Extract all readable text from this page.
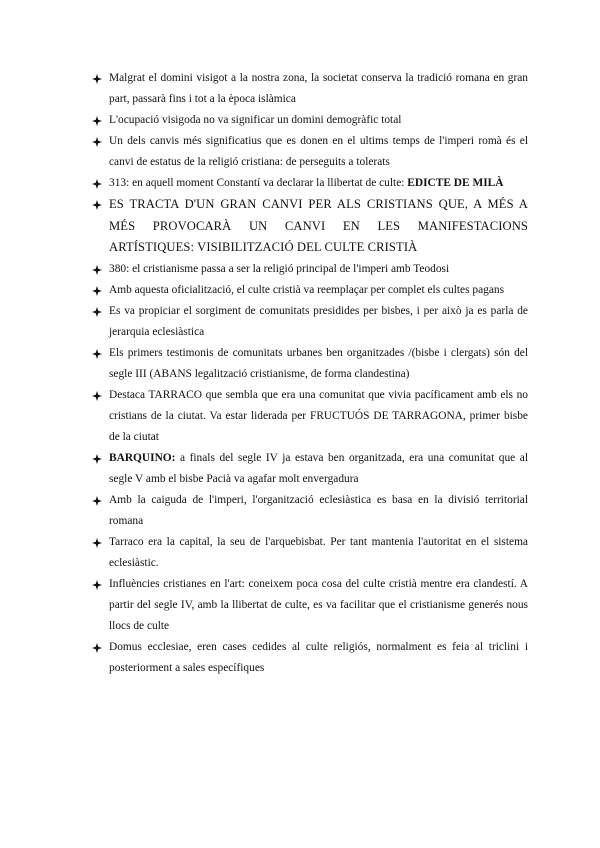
Malgrat el domini visigot a la nostra zona, la societat conserva la tradició romana en gran part, passarà fins i tot a la època islàmica
L'ocupació visigoda no va significar un domini demogràfic total
Un dels canvis més significatius que es donen en el ultims temps de l'imperi romà és el canvi de estatus de la religió cristiana: de perseguits a tolerats
313: en aquell moment Constantí va declarar la llibertat de culte: EDICTE DE MILÀ
ES TRACTA D'UN GRAN CANVI PER ALS CRISTIANS QUE, A MÉS A MÉS PROVOCARÀ UN CANVI EN LES MANIFESTACIONS ARTÍSTIQUES: VISIBILITZACIÓ DEL CULTE CRISTIÀ
380: el cristianisme passa a ser la religió principal de l'imperi amb Teodosi
Amb aquesta oficialització, el culte cristià va reemplaçar per complet els cultes pagans
Es va propiciar el sorgiment de comunitats presidides per bisbes, i per això ja es parla de jerarquia eclesiàstica
Els primers testimonis de comunitats urbanes ben organitzades /(bisbe i clergats) són del segle III (ABANS legalització cristianisme, de forma clandestina)
Destaca TARRACO que sembla que era una comunitat que vivia pacíficament amb els no cristians de la ciutat. Va estar liderada per FRUCTUÓS DE TARRAGONA, primer bisbe de la ciutat
BARQUINO: a finals del segle IV ja estava ben organitzada, era una comunitat que al segle V amb el bisbe Pacià va agafar molt envergadura
Amb la caiguda de l'imperi, l'organització eclesiàstica es basa en la divisió territorial romana
Tarraco era la capital, la seu de l'arquebisbat. Per tant mantenia l'autoritat en el sistema eclesiàstic.
Influències cristianes en l'art: coneixem poca cosa del culte cristià mentre era clandestí. A partir del segle IV, amb la llibertat de culte, es va facilitar que el cristianisme generés nous llocs de culte
Domus ecclesiae, eren cases cedides al culte religiós, normalment es feia al triclini i posteriorment a sales específiques
